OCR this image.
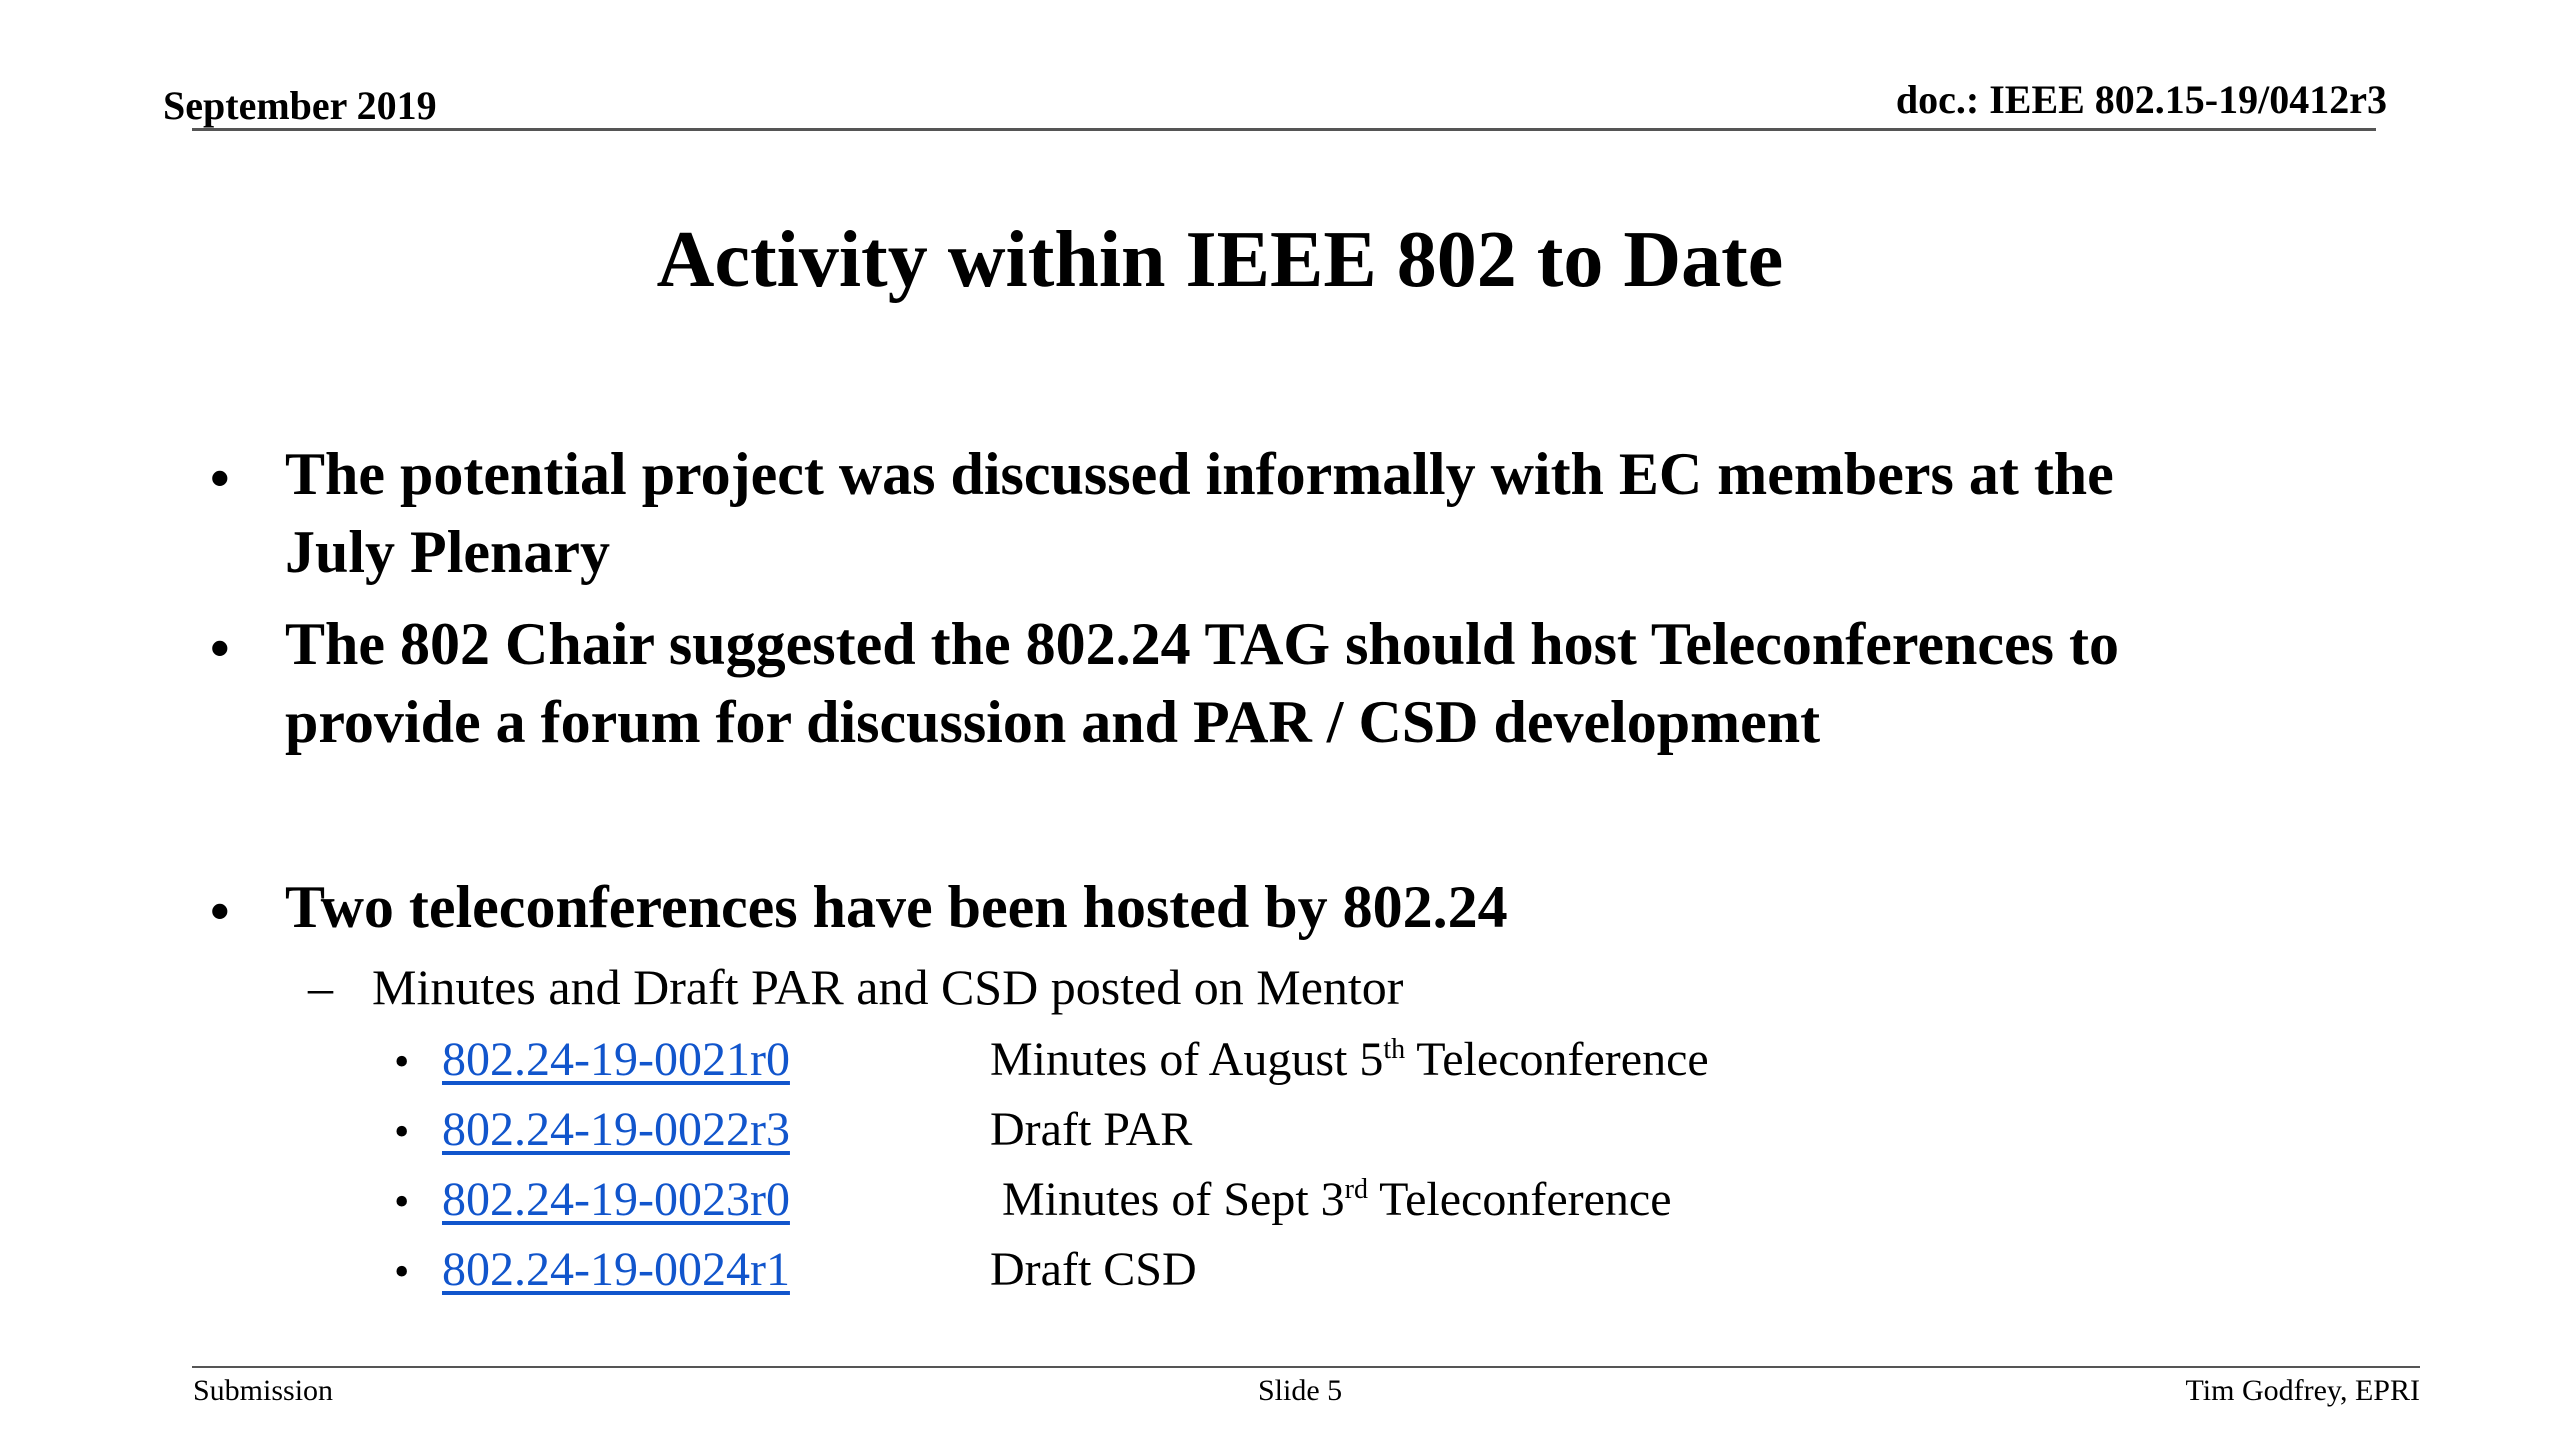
September 2019	doc.: IEEE 802.15-19/0412r3
Activity within IEEE 802 to Date
• The potential project was discussed informally with EC members at the
July Plenary
• The 802 Chair suggested the 802.24 TAG should host Teleconferences to
provide a forum for discussion and PAR / CSD development
• Two teleconferences have been hosted by 802.24
– Minutes and Draft PAR and CSD posted on Mentor
• 802.24-19-0021r0	Minutes of August 5th Teleconference
• 802.24-19-0022r3	Draft PAR
• 802.24-19-0023r0	Minutes of Sept 3rd Teleconference
• 802.24-19-0024r1	Draft CSD
Submission	Slide 5	Tim Godfrey, EPRI
